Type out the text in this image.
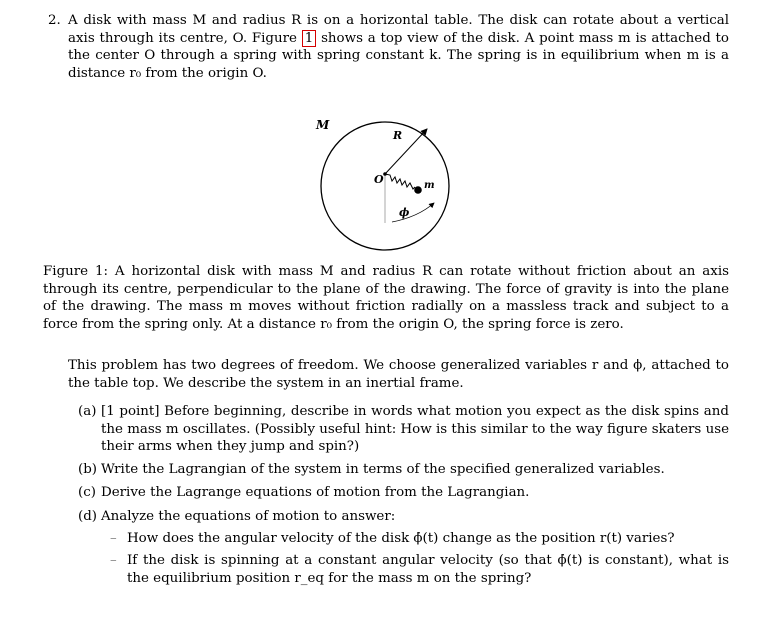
2. A disk with mass M and radius R is on a horizontal table. The disk can rotate about a vertical axis through its centre, O. Figure 1 shows a top view of the disk. A point mass m is attached to the center O through a spring with spring constant k. The spring is in equilibrium when m is a distance r₀ from the origin O.

M
R
O	m
ϕ

Figure 1: A horizontal disk with mass M and radius R can rotate without friction about an axis through its centre, perpendicular to the plane of the drawing. The force of gravity is into the plane of the drawing. The mass m moves without friction radially on a massless track and subject to a force from the spring only. At a distance r₀ from the origin O, the spring force is zero.

This problem has two degrees of freedom. We choose generalized variables r and ϕ, attached to the table top. We describe the system in an inertial frame.

(a) [1 point] Before beginning, describe in words what motion you expect as the disk spins and the mass m oscillates. (Possibly useful hint: How is this similar to the way figure skaters use their arms when they jump and spin?)
(b) Write the Lagrangian of the system in terms of the specified generalized variables.
(c) Derive the Lagrange equations of motion from the Lagrangian.
(d) Analyze the equations of motion to answer:
– How does the angular velocity of the disk ϕ̇(t) change as the position r(t) varies?
– If the disk is spinning at a constant angular velocity (so that ϕ̇(t) is constant), what is the equilibrium position r_eq for the mass m on the spring?
